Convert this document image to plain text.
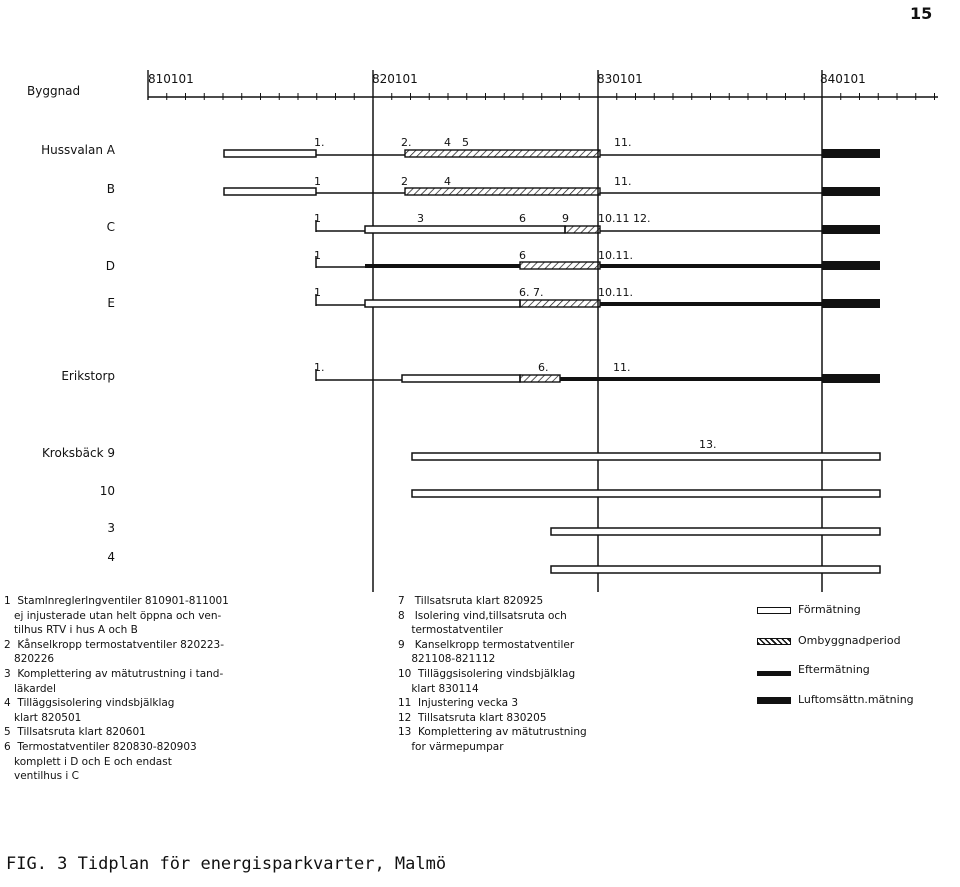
15
Byggnad
810101	820101	830101	840101
Hussvalan A
B
C
D
E
Erikstorp
Kroksbäck 9
10
3
4
1.	2.	4 5	11.
1	2	4	11.
1	3	6	9	10.11 12.
1	6	10.11.
1	6. 7.	10.11.
1.	6.	11.
13.
1  Stamlnreglerlngventiler 810901-811001
ej injusterade utan helt öppna och ven-
tilhus RTV i hus A och B
2  Kånselkropp termostatventiler 820223-
820226
3  Komplettering av mätutrustning i tand-
läkardel
4  Tilläggsisolering vindsbjälklag
klart 820501
5  Tillsatsruta klart 820601
6  Termostatventiler 820830-820903
komplett i D och E och endast
ventilhus i C
7   Tillsatsruta klart 820925
8   Isolering vind,tillsatsruta och
termostatventiler
9   Kanselkropp termostatventiler
821108-821112
10  Tilläggsisolering vindsbjälklag
klart 830114
11  Injustering vecka 3
12  Tillsatsruta klart 830205
13  Komplettering av mätutrustning
for värmepumpar
Förmätning
Ombyggnadperiod
Eftermätning
Luftomsättn.mätning
FIG. 3 Tidplan för energisparkvarter, Malmö
